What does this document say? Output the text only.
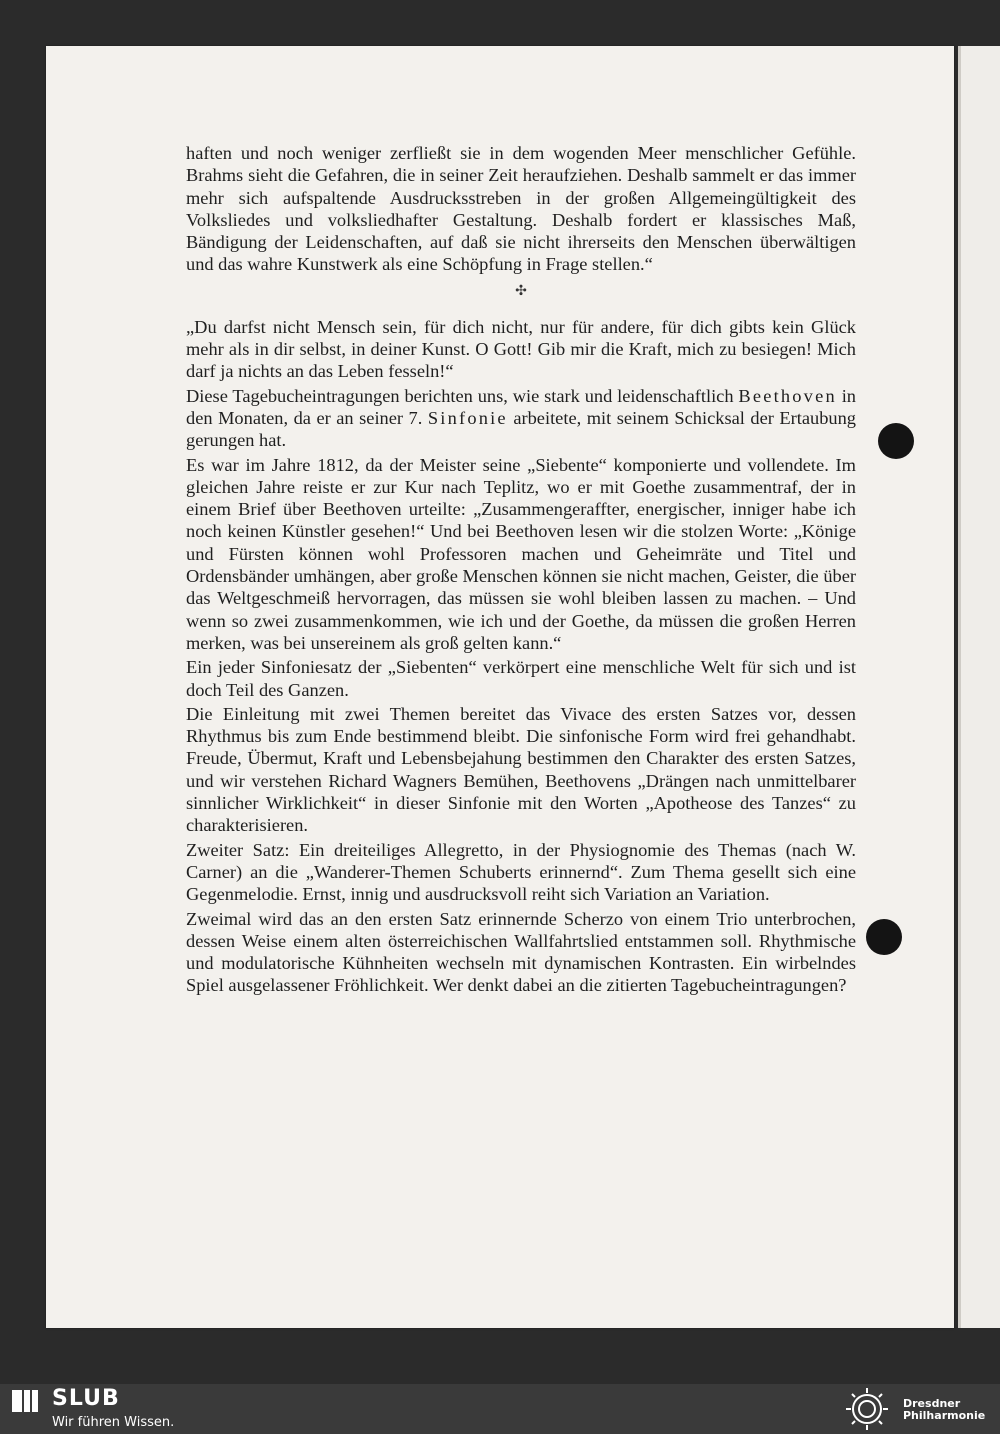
haften und noch weniger zerfließt sie in dem wogenden Meer menschlicher Gefühle. Brahms sieht die Gefahren, die in seiner Zeit heraufziehen. Deshalb sammelt er das immer mehr sich aufspaltende Ausdrucksstreben in der großen Allgemeingültigkeit des Volksliedes und volksliedhafter Gestaltung. Deshalb fordert er klassisches Maß, Bändigung der Leidenschaften, auf daß sie nicht ihrerseits den Menschen überwältigen und das wahre Kunstwerk als eine Schöpfung in Frage stellen.“

✣

„Du darfst nicht Mensch sein, für dich nicht, nur für andere, für dich gibts kein Glück mehr als in dir selbst, in deiner Kunst. O Gott! Gib mir die Kraft, mich zu besiegen! Mich darf ja nichts an das Leben fesseln!“

Diese Tagebucheintragungen berichten uns, wie stark und leidenschaftlich Beethoven in den Monaten, da er an seiner 7. Sinfonie arbeitete, mit seinem Schicksal der Ertaubung gerungen hat.

Es war im Jahre 1812, da der Meister seine „Siebente“ komponierte und vollendete. Im gleichen Jahre reiste er zur Kur nach Teplitz, wo er mit Goethe zusammentraf, der in einem Brief über Beethoven urteilte: „Zusammengeraffter, energischer, inniger habe ich noch keinen Künstler gesehen!“ Und bei Beethoven lesen wir die stolzen Worte: „Könige und Fürsten können wohl Professoren machen und Geheimräte und Titel und Ordensbänder umhängen, aber große Menschen können sie nicht machen, Geister, die über das Weltgeschmeiß hervorragen, das müssen sie wohl bleiben lassen zu machen. – Und wenn so zwei zusammenkommen, wie ich und der Goethe, da müssen die großen Herren merken, was bei unsereinem als groß gelten kann.“

Ein jeder Sinfoniesatz der „Siebenten“ verkörpert eine menschliche Welt für sich und ist doch Teil des Ganzen.

Die Einleitung mit zwei Themen bereitet das Vivace des ersten Satzes vor, dessen Rhythmus bis zum Ende bestimmend bleibt. Die sinfonische Form wird frei gehandhabt. Freude, Übermut, Kraft und Lebensbejahung bestimmen den Charakter des ersten Satzes, und wir verstehen Richard Wagners Bemühen, Beethovens „Drängen nach unmittelbarer sinnlicher Wirklichkeit“ in dieser Sinfonie mit den Worten „Apotheose des Tanzes“ zu charakterisieren.

Zweiter Satz: Ein dreiteiliges Allegretto, in der Physiognomie des Themas (nach W. Carner) an die „Wanderer-Themen Schuberts erinnernd“. Zum Thema gesellt sich eine Gegenmelodie. Ernst, innig und ausdrucksvoll reiht sich Variation an Variation.

Zweimal wird das an den ersten Satz erinnernde Scherzo von einem Trio unterbrochen, dessen Weise einem alten österreichischen Wallfahrtslied entstammen soll. Rhythmische und modulatorische Kühnheiten wechseln mit dynamischen Kontrasten. Ein wirbelndes Spiel ausgelassener Fröhlichkeit. Wer denkt dabei an die zitierten Tagebucheintragungen?

SLUB
Wir führen Wissen.
Dresdner
Philharmonie
